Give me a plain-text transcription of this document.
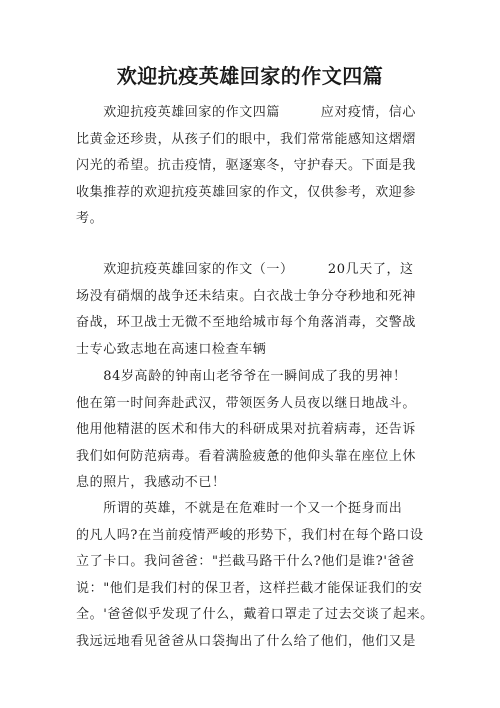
欢迎抗疫英雄回家的作文四篇
　　欢迎抗疫英雄回家的作文四篇　　　应对疫情，信心
比黄金还珍贵，从孩子们的眼中，我们常常能感知这熠熠
闪光的希望。抗击疫情，驱逐寒冬，守护春天。下面是我
收集推荐的欢迎抗疫英雄回家的作文，仅供参考，欢迎参
考。
　　欢迎抗疫英雄回家的作文（一）　　　20几天了，这
场没有硝烟的战争还未结束。白衣战士争分夺秒地和死神
奋战，环卫战士无微不至地给城市每个角落消毒，交警战
士专心致志地在高速口检查车辆
　　84岁高龄的钟南山老爷爷在一瞬间成了我的男神！
他在第一时间奔赴武汉，带领医务人员夜以继日地战斗。
他用他精湛的医术和伟大的科研成果对抗着病毒，还告诉
我们如何防范病毒。看着满脸疲惫的他仰头靠在座位上休
息的照片，我感动不已！
　　所谓的英雄，不就是在危难时一个又一个挺身而出
的凡人吗?在当前疫情严峻的形势下，我们村在每个路口设
立了卡口。我问爸爸："拦截马路干什么?他们是谁?'爸爸
说："他们是我们村的保卫者，这样拦截才能保证我们的安
全。'爸爸似乎发现了什么，戴着口罩走了过去交谈了起来。
我远远地看见爸爸从口袋掏出了什么给了他们，他们又是
